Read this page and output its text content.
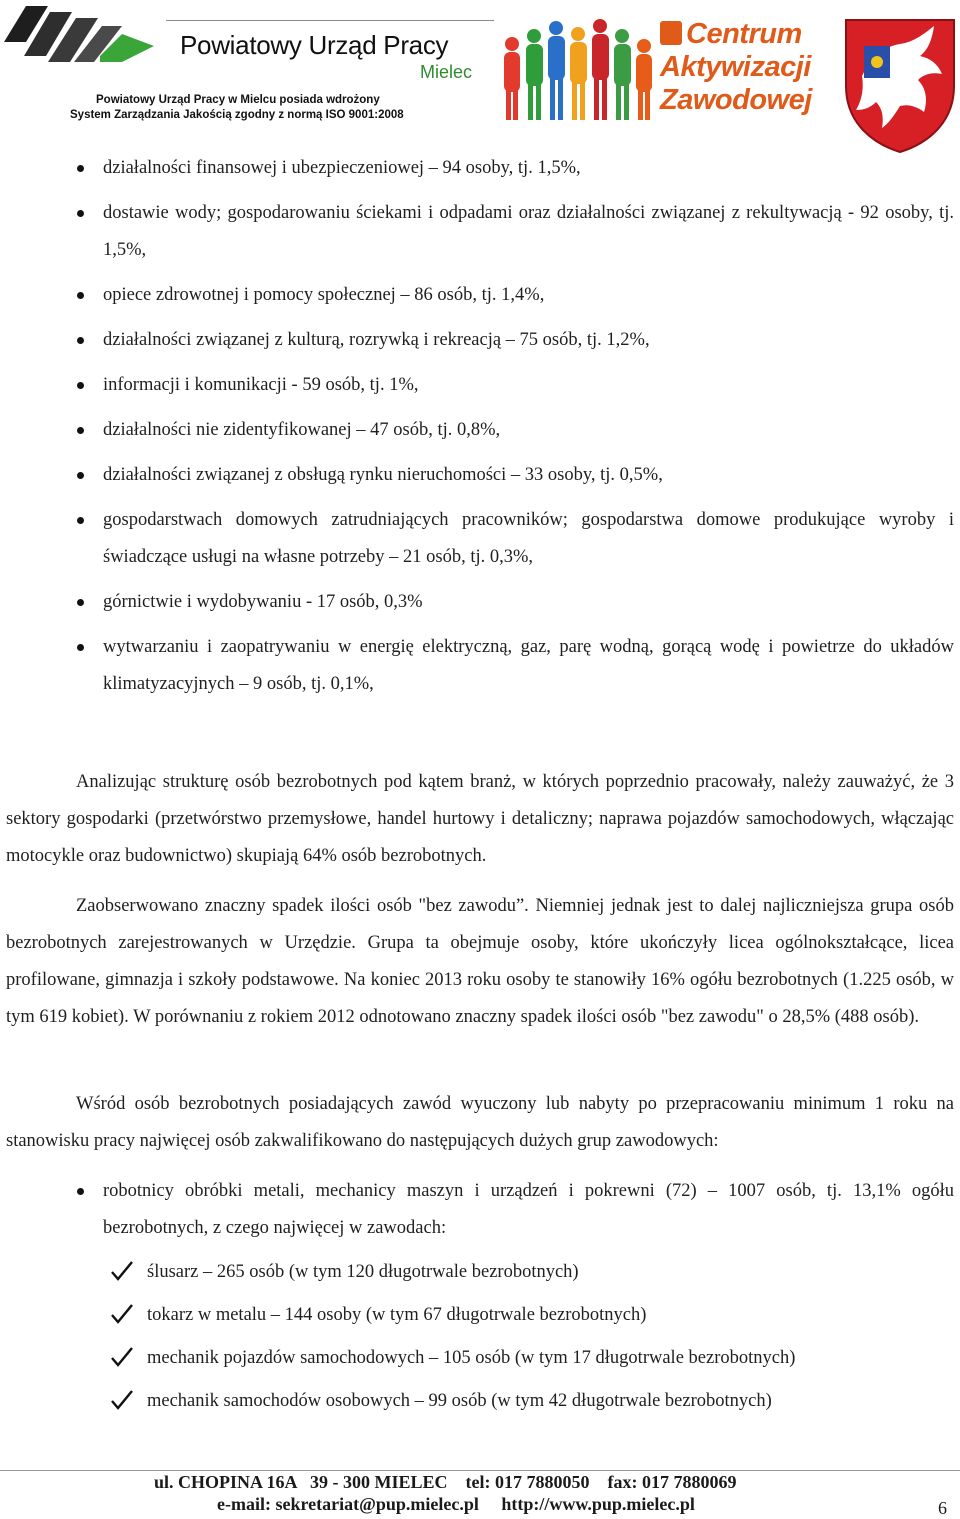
Powiatowy Urząd Pracy
Mielec
Powiatowy Urząd Pracy w Mielcu posiada wdrożony
System Zarządzania Jakością zgodny z normą ISO 9001:2008
Centrum
Aktywizacji
Zawodowej
działalności finansowej i ubezpieczeniowej – 94 osoby, tj. 1,5%,
dostawie wody; gospodarowaniu ściekami i odpadami oraz działalności związanej z rekultywacją - 92 osoby, tj. 1,5%,
opiece zdrowotnej i pomocy społecznej – 86 osób, tj. 1,4%,
działalności związanej z kulturą, rozrywką i rekreacją – 75 osób, tj. 1,2%,
informacji i komunikacji - 59 osób, tj. 1%,
działalności nie zidentyfikowanej – 47 osób, tj. 0,8%,
działalności związanej z obsługą rynku nieruchomości – 33 osoby, tj. 0,5%,
gospodarstwach domowych zatrudniających pracowników; gospodarstwa domowe produkujące wyroby i świadczące usługi na własne potrzeby – 21 osób, tj. 0,3%,
górnictwie i wydobywaniu - 17 osób, 0,3%
wytwarzaniu i zaopatrywaniu w energię elektryczną, gaz, parę wodną, gorącą wodę i powietrze do układów klimatyzacyjnych – 9 osób, tj. 0,1%,

Analizując strukturę osób bezrobotnych pod kątem branż, w których poprzednio pracowały, należy zauważyć, że 3 sektory gospodarki (przetwórstwo przemysłowe, handel hurtowy i detaliczny; naprawa pojazdów samochodowych, włączając motocykle oraz budownictwo) skupiają 64% osób bezrobotnych.

Zaobserwowano znaczny spadek ilości osób "bez zawodu”. Niemniej jednak jest to dalej najliczniejsza grupa osób bezrobotnych zarejestrowanych w Urzędzie. Grupa ta obejmuje osoby, które ukończyły licea ogólnokształcące, licea profilowane, gimnazja i szkoły podstawowe. Na koniec 2013 roku osoby te stanowiły 16% ogółu bezrobotnych (1.225 osób, w tym 619 kobiet). W porównaniu z rokiem 2012 odnotowano znaczny spadek ilości osób "bez zawodu" o 28,5% (488 osób).

Wśród osób bezrobotnych posiadających zawód wyuczony lub nabyty po przepracowaniu minimum 1 roku na stanowisku pracy najwięcej osób zakwalifikowano do następujących dużych grup zawodowych:

robotnicy obróbki metali, mechanicy maszyn i urządzeń i pokrewni (72) – 1007 osób, tj. 13,1% ogółu bezrobotnych, z czego najwięcej w zawodach:
ślusarz – 265 osób (w tym 120 długotrwale bezrobotnych)
tokarz w metalu – 144 osoby (w tym 67 długotrwale bezrobotnych)
mechanik pojazdów samochodowych – 105 osób (w tym 17 długotrwale bezrobotnych)
mechanik samochodów osobowych – 99 osób (w tym 42 długotrwale bezrobotnych)
ul. CHOPINA 16A   39 - 300 MIELEC    tel: 017 7880050    fax: 017 7880069
e-mail: sekretariat@pup.mielec.pl     http://www.pup.mielec.pl	6
